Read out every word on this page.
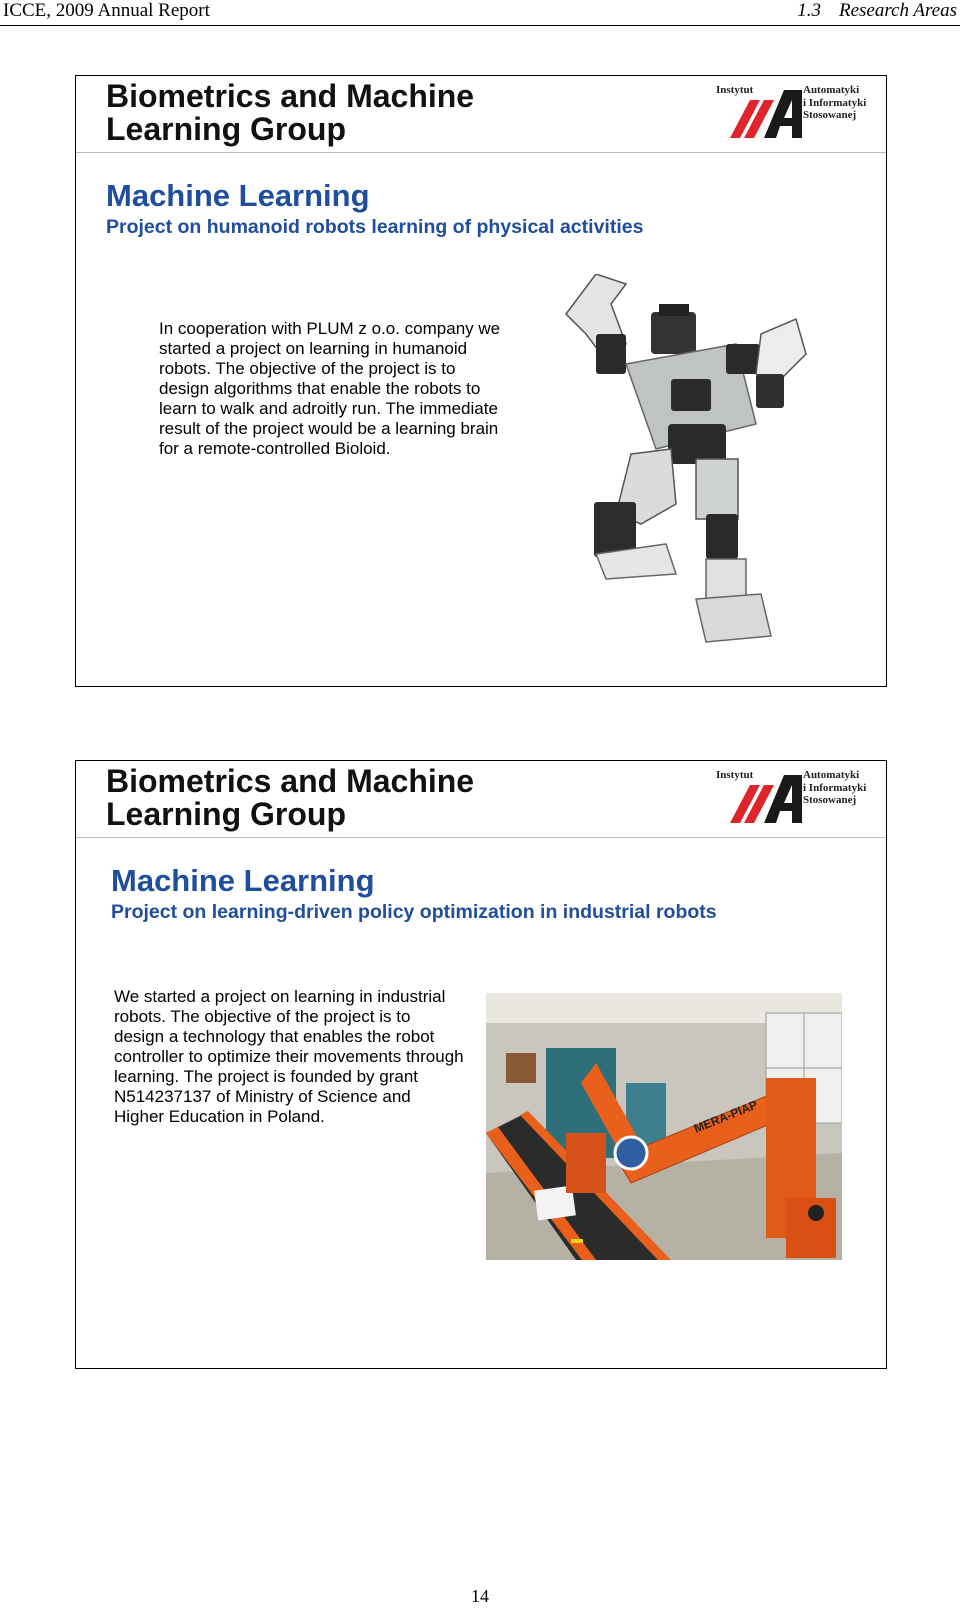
ICCE, 2009 Annual Report	1.3 Research Areas
Biometrics and Machine
Learning Group
Instytut	Automatyki
i Informatyki
Stosowanej
Machine Learning
Project on humanoid robots learning of physical activities
In cooperation with PLUM z o.o. company we started a project on learning in humanoid robots. The objective of the project is to design algorithms that enable the robots to learn to walk and adroitly run. The immediate result of the project would be a learning brain for a remote-controlled Bioloid.
Biometrics and Machine
Learning Group
Instytut	Automatyki
i Informatyki
Stosowanej
Machine Learning
Project on learning-driven policy optimization in industrial robots
We started a project on learning in industrial robots. The objective of the project is to design a technology that enables the robot controller to optimize their movements through learning. The project is founded by grant N514237137 of Ministry of Science and Higher Education in Poland.	MERA-PIAP
14
